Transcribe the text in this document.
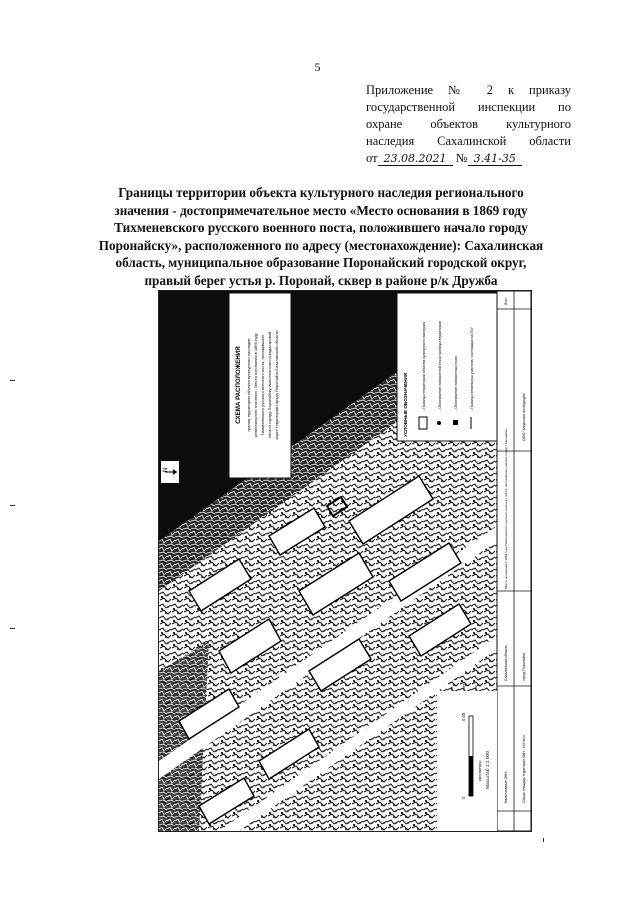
5
Приложение № 2 к приказу
государственной инспекции по
охране объектов культурного
наследия Сахалинской области
от 23.08.2021 № 3.41-35
Границы территории объекта культурного наследия регионального
значения - достопримечательное место «Место основания в 1869 году
Тихменевского русского военного поста, положившего начало городу
Поронайску», расположенного по адресу (местонахождение): Сахалинская
область, муниципальное образование Поронайский городской округ,
правый берег устья р. Поронай, сквер в районе р/к Дружба
СХЕМА РАСПОЛОЖЕНИЯ границ территории объекта культурного наследия регионального значения - Места основания в 1869 году Тихменевского русского военного поста, положившего начало городу Поронайску, выполненная на кадастровой карте территории города Поронайск Сахалинской области
N
УСЛОВНЫЕ ОБОЗНАЧЕНИЯ	- Границы территории объекта культурного наследия	- Обозначение поворотной точки границы территории	- Обозначение поворотных точек	- Границы земельных участков, состоящих на ГКУ
Лист
ООО "Амурская экспедиция"
Место основания в 1869 году Тихменевского русского военного поста, положившего начало городу Поронайску
Сахалинская область	город Поронайск
Наименование ОКН:	Общая площадь территории ОКН - 433 кв.м.
0
0,05
километры Масштаб 1:1 000
